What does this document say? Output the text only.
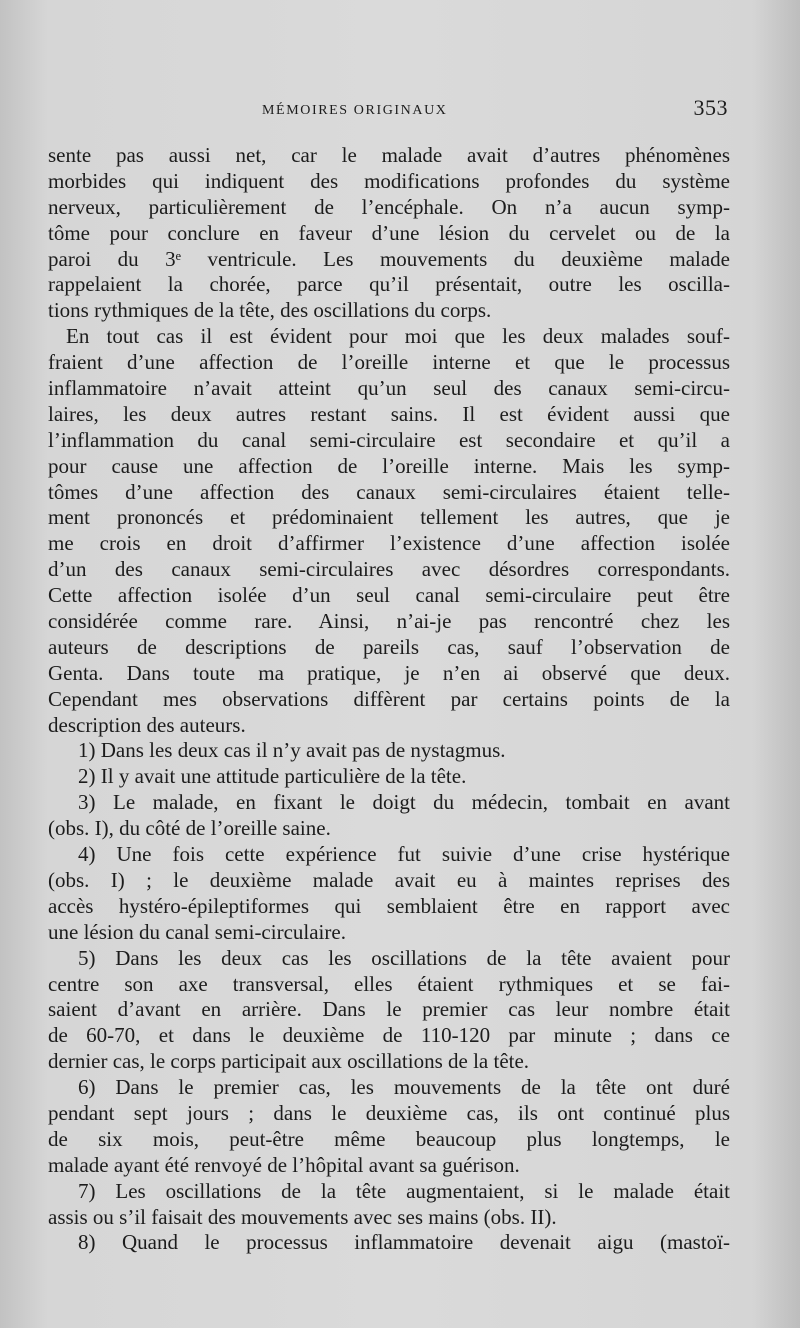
MÉMOIRES ORIGINAUX	353
sente pas aussi net, car le malade avait d’autres phénomènes
morbides qui indiquent des modifications profondes du système
nerveux, particulièrement de l’encéphale. On n’a aucun symp-
tôme pour conclure en faveur d’une lésion du cervelet ou de la
paroi du 3ᵉ ventricule. Les mouvements du deuxième malade
rappelaient la chorée, parce qu’il présentait, outre les oscilla-
tions rythmiques de la tête, des oscillations du corps.
En tout cas il est évident pour moi que les deux malades souf-
fraient d’une affection de l’oreille interne et que le processus
inflammatoire n’avait atteint qu’un seul des canaux semi-circu-
laires, les deux autres restant sains. Il est évident aussi que
l’inflammation du canal semi-circulaire est secondaire et qu’il a
pour cause une affection de l’oreille interne. Mais les symp-
tômes d’une affection des canaux semi-circulaires étaient telle-
ment prononcés et prédominaient tellement les autres, que je
me crois en droit d’affirmer l’existence d’une affection isolée
d’un des canaux semi-circulaires avec désordres correspondants.
Cette affection isolée d’un seul canal semi-circulaire peut être
considérée comme rare. Ainsi, n’ai-je pas rencontré chez les
auteurs de descriptions de pareils cas, sauf l’observation de
Genta. Dans toute ma pratique, je n’en ai observé que deux.
Cependant mes observations diffèrent par certains points de la
description des auteurs.
1) Dans les deux cas il n’y avait pas de nystagmus.
2) Il y avait une attitude particulière de la tête.
3) Le malade, en fixant le doigt du médecin, tombait en avant
(obs. I), du côté de l’oreille saine.
4) Une fois cette expérience fut suivie d’une crise hystérique
(obs. I) ; le deuxième malade avait eu à maintes reprises des
accès hystéro-épileptiformes qui semblaient être en rapport avec
une lésion du canal semi-circulaire.
5) Dans les deux cas les oscillations de la tête avaient pour
centre son axe transversal, elles étaient rythmiques et se fai-
saient d’avant en arrière. Dans le premier cas leur nombre était
de 60-70, et dans le deuxième de 110-120 par minute ; dans ce
dernier cas, le corps participait aux oscillations de la tête.
6) Dans le premier cas, les mouvements de la tête ont duré
pendant sept jours ; dans le deuxième cas, ils ont continué plus
de six mois, peut-être même beaucoup plus longtemps, le
malade ayant été renvoyé de l’hôpital avant sa guérison.
7) Les oscillations de la tête augmentaient, si le malade était
assis ou s’il faisait des mouvements avec ses mains (obs. II).
8) Quand le processus inflammatoire devenait aigu (mastoï-
